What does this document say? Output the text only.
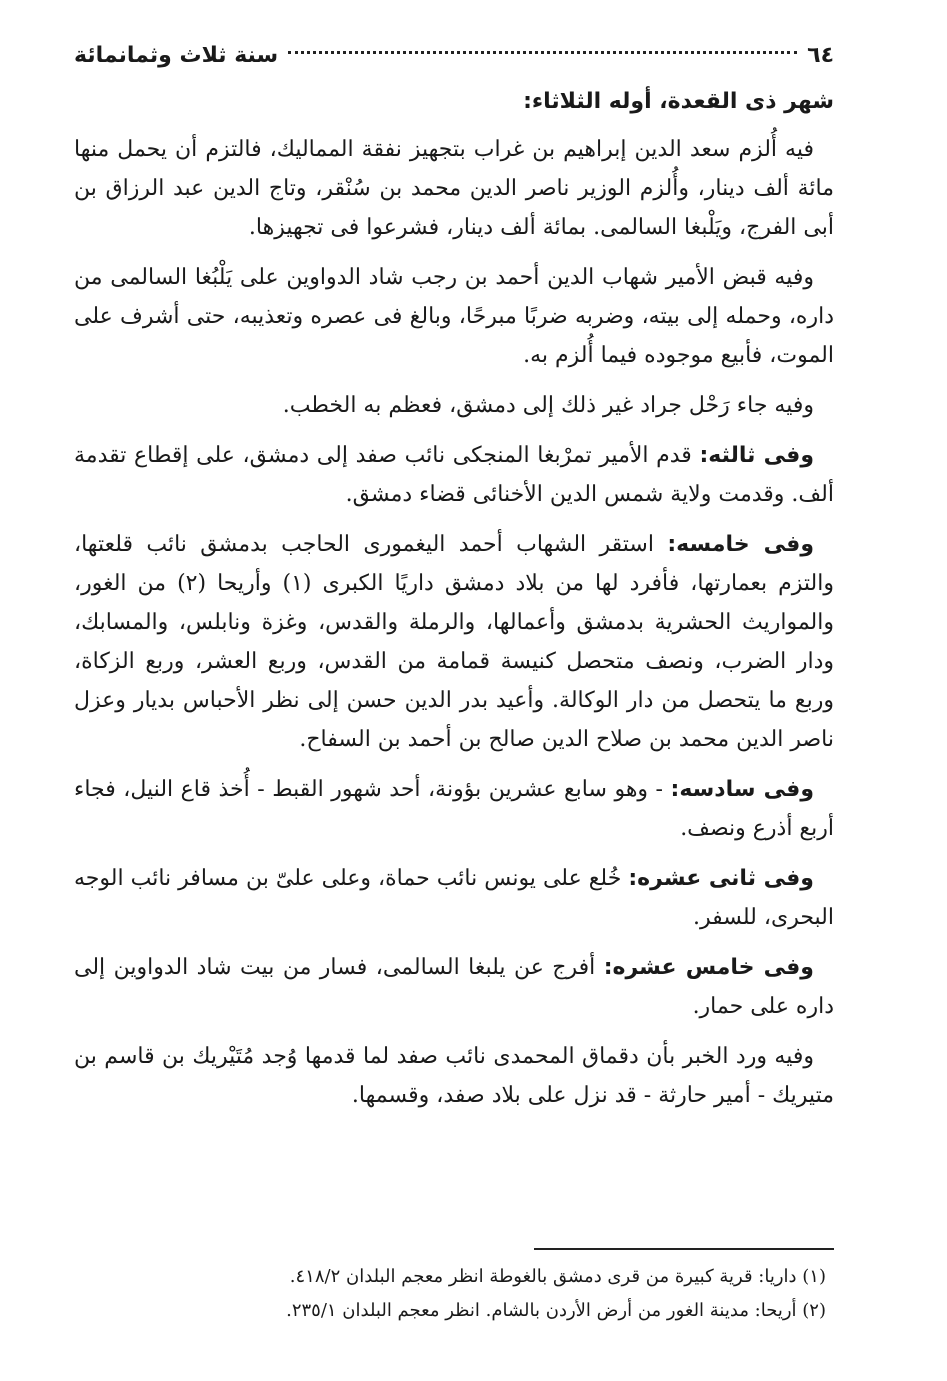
٦٤
سنة ثلاث وثمانمائة
شهر ذى القعدة، أوله الثلاثاء:

فيه أُلزم سعد الدين إبراهيم بن غراب بتجهيز نفقة المماليك، فالتزم أن يحمل منها مائة ألف دينار، وأُلزم الوزير ناصر الدين محمد بن سُنْقر، وتاج الدين عبد الرزاق بن أبى الفرج، ويَلْبغا السالمى. بمائة ألف دينار، فشرعوا فى تجهيزها.

وفيه قبض الأمير شهاب الدين أحمد بن رجب شاد الدواوين على يَلْبُغا السالمى من داره، وحمله إلى بيته، وضربه ضربًا مبرحًا، وبالغ فى عصره وتعذيبه، حتى أشرف على الموت، فأبيع موجوده فيما أُلزم به.

وفيه جاء رَحْل جراد غير ذلك إلى دمشق، فعظم به الخطب.

وفى ثالثه: قدم الأمير تمرْبغا المنجكى نائب صفد إلى دمشق، على إقطاع تقدمة ألف. وقدمت ولاية شمس الدين الأخنائى قضاء دمشق.

وفى خامسه: استقر الشهاب أحمد اليغمورى الحاجب بدمشق نائب قلعتها، والتزم بعمارتها، فأفرد لها من بلاد دمشق داريًا الكبرى (١) وأريحا (٢) من الغور، والمواريث الحشرية بدمشق وأعمالها، والرملة والقدس، وغزة ونابلس، والمسابك، ودار الضرب، ونصف متحصل كنيسة قمامة من القدس، وربع العشر، وربع الزكاة، وربع ما يتحصل من دار الوكالة. وأعيد بدر الدين حسن إلى نظر الأحباس بديار وعزل ناصر الدين محمد بن صلاح الدين صالح بن أحمد بن السفاح.

وفى سادسه: - وهو سابع عشرين بؤونة، أحد شهور القبط - أُخذ قاع النيل، فجاء أربع أذرع ونصف.

وفى ثانى عشره: خُلع على يونس نائب حماة، وعلى علىّ بن مسافر نائب الوجه البحرى، للسفر.

وفى خامس عشره: أفرج عن يلبغا السالمى، فسار من بيت شاد الدواوين إلى داره على حمار.

وفيه ورد الخبر بأن دقماق المحمدى نائب صفد لما قدمها وُجد مُتَيْريك بن قاسم بن متيريك - أمير حارثة - قد نزل على بلاد صفد، وقسمها.

(١) داريا: قرية كبيرة من قرى دمشق بالغوطة انظر معجم البلدان ٤١٨/٢.
(٢) أريحا: مدينة الغور من أرض الأردن بالشام. انظر معجم البلدان ٢٣٥/١.
